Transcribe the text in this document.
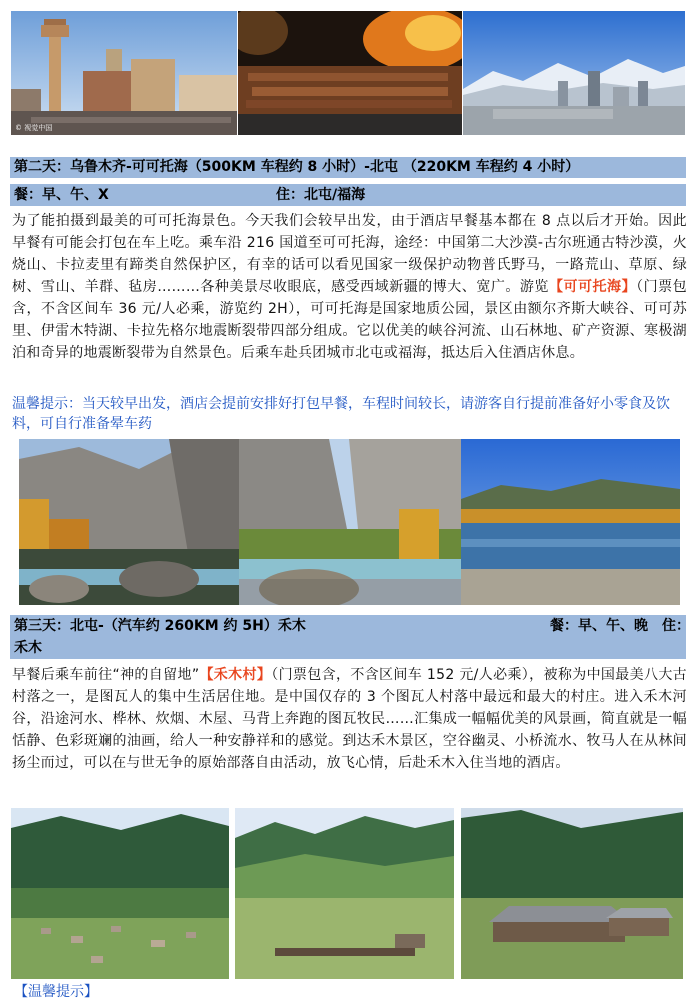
© 视觉中国
第二天：乌鲁木齐-可可托海（500KM 车程约 8 小时）-北屯 （220KM 车程约 4 小时）
餐：早、午、X	住：北屯/福海
为了能拍摄到最美的可可托海景色。今天我们会较早出发，由于酒店早餐基本都在 8 点以后才开始。因此早餐有可能会打包在车上吃。乘车沿 216 国道至可可托海，途经：中国第二大沙漠-古尔班通古特沙漠，火烧山、卡拉麦里有蹄类自然保护区，有幸的话可以看见国家一级保护动物普氏野马，一路荒山、草原、绿树、雪山、羊群、毡房………各种美景尽收眼底，感受西域新疆的博大、宽广。游览【可可托海】（门票包含，不含区间车 36 元/人必乘，游览约 2H），可可托海是国家地质公园，景区由额尔齐斯大峡谷、可可苏里、伊雷木特湖、卡拉先格尔地震断裂带四部分组成。它以优美的峡谷河流、山石林地、矿产资源、寒极湖泊和奇异的地震断裂带为自然景色。后乘车赴兵团城市北屯或福海，抵达后入住酒店休息。
温馨提示：当天较早出发，酒店会提前安排好打包早餐，车程时间较长，请游客自行提前准备好小零食及饮料，可自行准备晕车药
第三天：北屯-（汽车约 260KM 约 5H）禾木	餐：早、午、晚 住：

禾木
早餐后乘车前往“神的自留地”【禾木村】（门票包含，不含区间车 152 元/人必乘），被称为中国最美八大古村落之一，是图瓦人的集中生活居住地。是中国仅存的 3 个图瓦人村落中最远和最大的村庄。进入禾木河谷，沿途河水、桦林、炊烟、木屋、马背上奔跑的图瓦牧民……汇集成一幅幅优美的风景画，简直就是一幅恬静、色彩斑斓的油画，给人一种安静祥和的感觉。到达禾木景区，空谷幽灵、小桥流水、牧马人在从林间扬尘而过，可以在与世无争的原始部落自由活动，放飞心情，后赴禾木入住当地的酒店。
【温馨提示】
